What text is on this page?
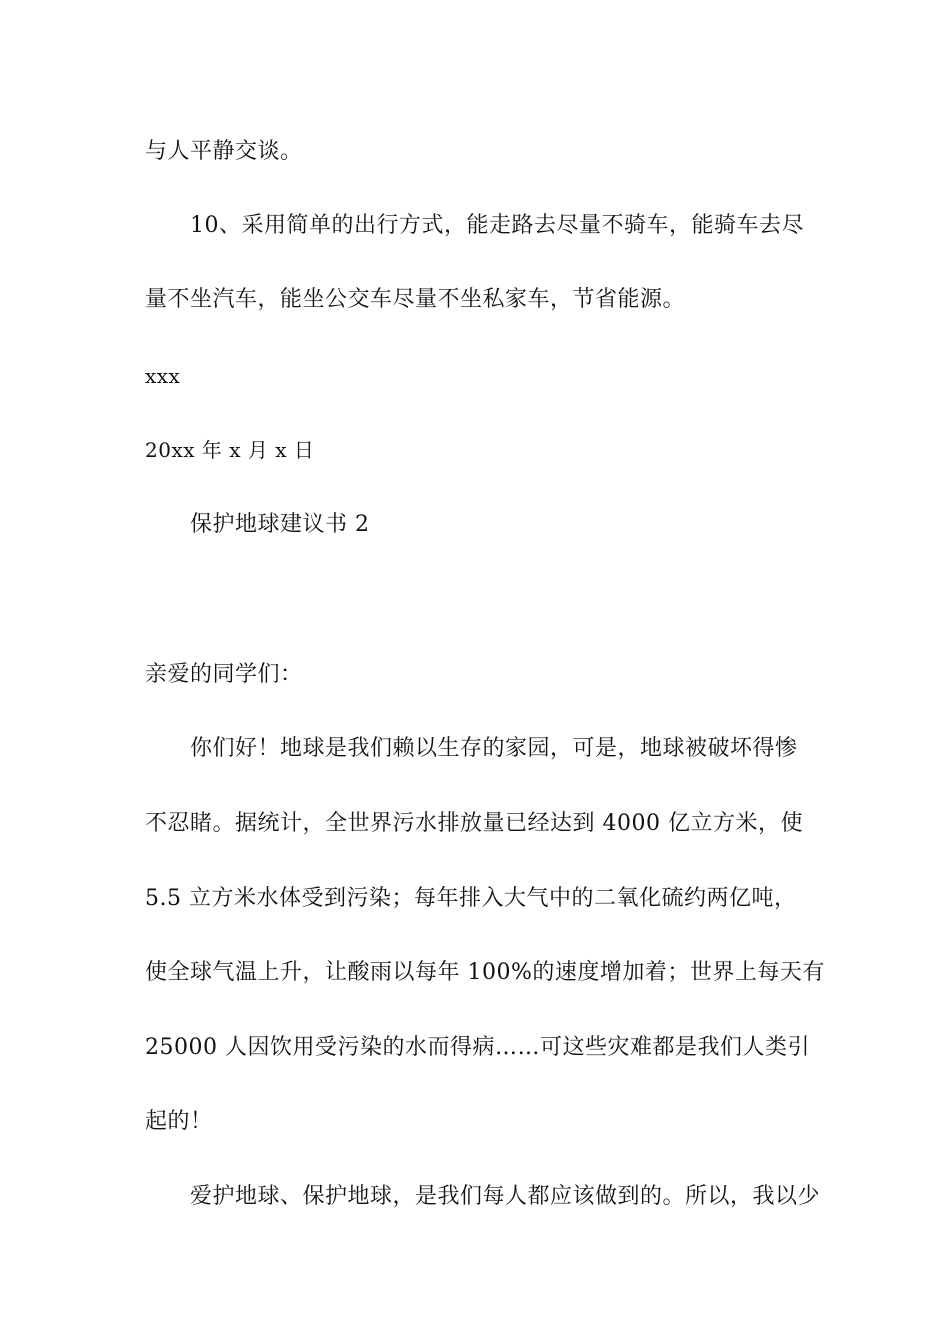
与人平静交谈。
10、采用简单的出行方式，能走路去尽量不骑车，能骑车去尽
量不坐汽车，能坐公交车尽量不坐私家车，节省能源。
xxx
20xx 年 x 月 x 日
保护地球建议书 2
亲爱的同学们：
你们好！地球是我们赖以生存的家园，可是，地球被破坏得惨
不忍睹。据统计，全世界污水排放量已经达到 4000 亿立方米，使
5.5 立方米水体受到污染；每年排入大气中的二氧化硫约两亿吨，
使全球气温上升，让酸雨以每年 100%的速度增加着；世界上每天有
25000 人因饮用受污染的水而得病……可这些灾难都是我们人类引
起的！
爱护地球、保护地球，是我们每人都应该做到的。所以，我以少
